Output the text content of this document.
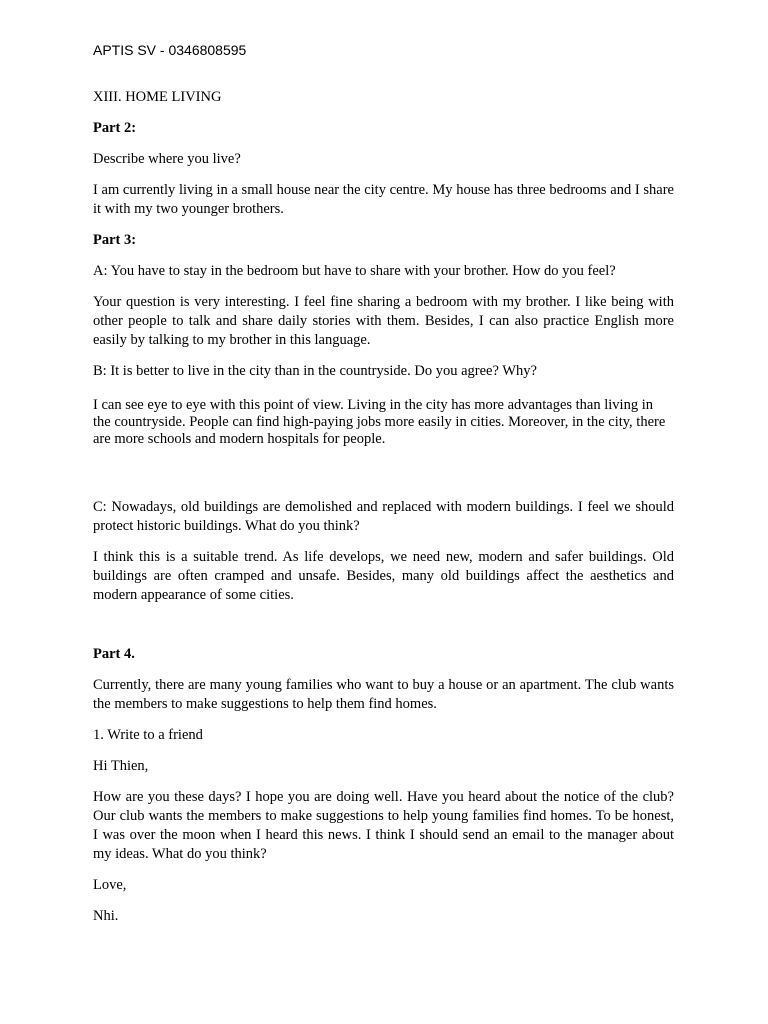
APTIS SV - 0346808595

XIII. HOME LIVING

Part 2:

Describe where you live?

I am currently living in a small house near the city centre. My house has three bedrooms and I share it with my two younger brothers.

Part 3:

A: You have to stay in the bedroom but have to share with your brother. How do you feel?

Your question is very interesting. I feel fine sharing a bedroom with my brother. I like being with other people to talk and share daily stories with them. Besides, I can also practice English more easily by talking to my brother in this language.

B: It is better to live in the city than in the countryside. Do you agree? Why?

I can see eye to eye with this point of view. Living in the city has more advantages than living in the countryside. People can find high-paying jobs more easily in cities. Moreover, in the city, there are more schools and modern hospitals for people.

C: Nowadays, old buildings are demolished and replaced with modern buildings. I feel we should protect historic buildings. What do you think?

I think this is a suitable trend. As life develops, we need new, modern and safer buildings. Old buildings are often cramped and unsafe. Besides, many old buildings affect the aesthetics and modern appearance of some cities.

Part 4.

Currently, there are many young families who want to buy a house or an apartment. The club wants the members to make suggestions to help them find homes.

1. Write to a friend

Hi Thien,

How are you these days? I hope you are doing well. Have you heard about the notice of the club? Our club wants the members to make suggestions to help young families find homes. To be honest, I was over the moon when I heard this news. I think I should send an email to the manager about my ideas. What do you think?

Love,

Nhi.
